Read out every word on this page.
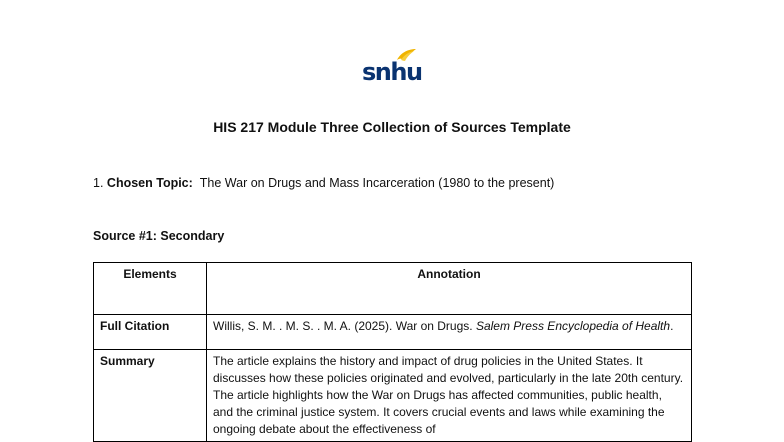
snhu
HIS 217 Module Three Collection of Sources Template
1. Chosen Topic: The War on Drugs and Mass Incarceration (1980 to the present)
Source #1: Secondary
Elements	Annotation
Full Citation	Willis, S. M. . M. S. . M. A. (2025). War on Drugs. Salem Press Encyclopedia of Health.
Summary	The article explains the history and impact of drug policies in the United States. It discusses how these policies originated and evolved, particularly in the late 20th century. The article highlights how the War on Drugs has affected communities, public health, and the criminal justice system. It covers crucial events and laws while examining the ongoing debate about the effectiveness of
